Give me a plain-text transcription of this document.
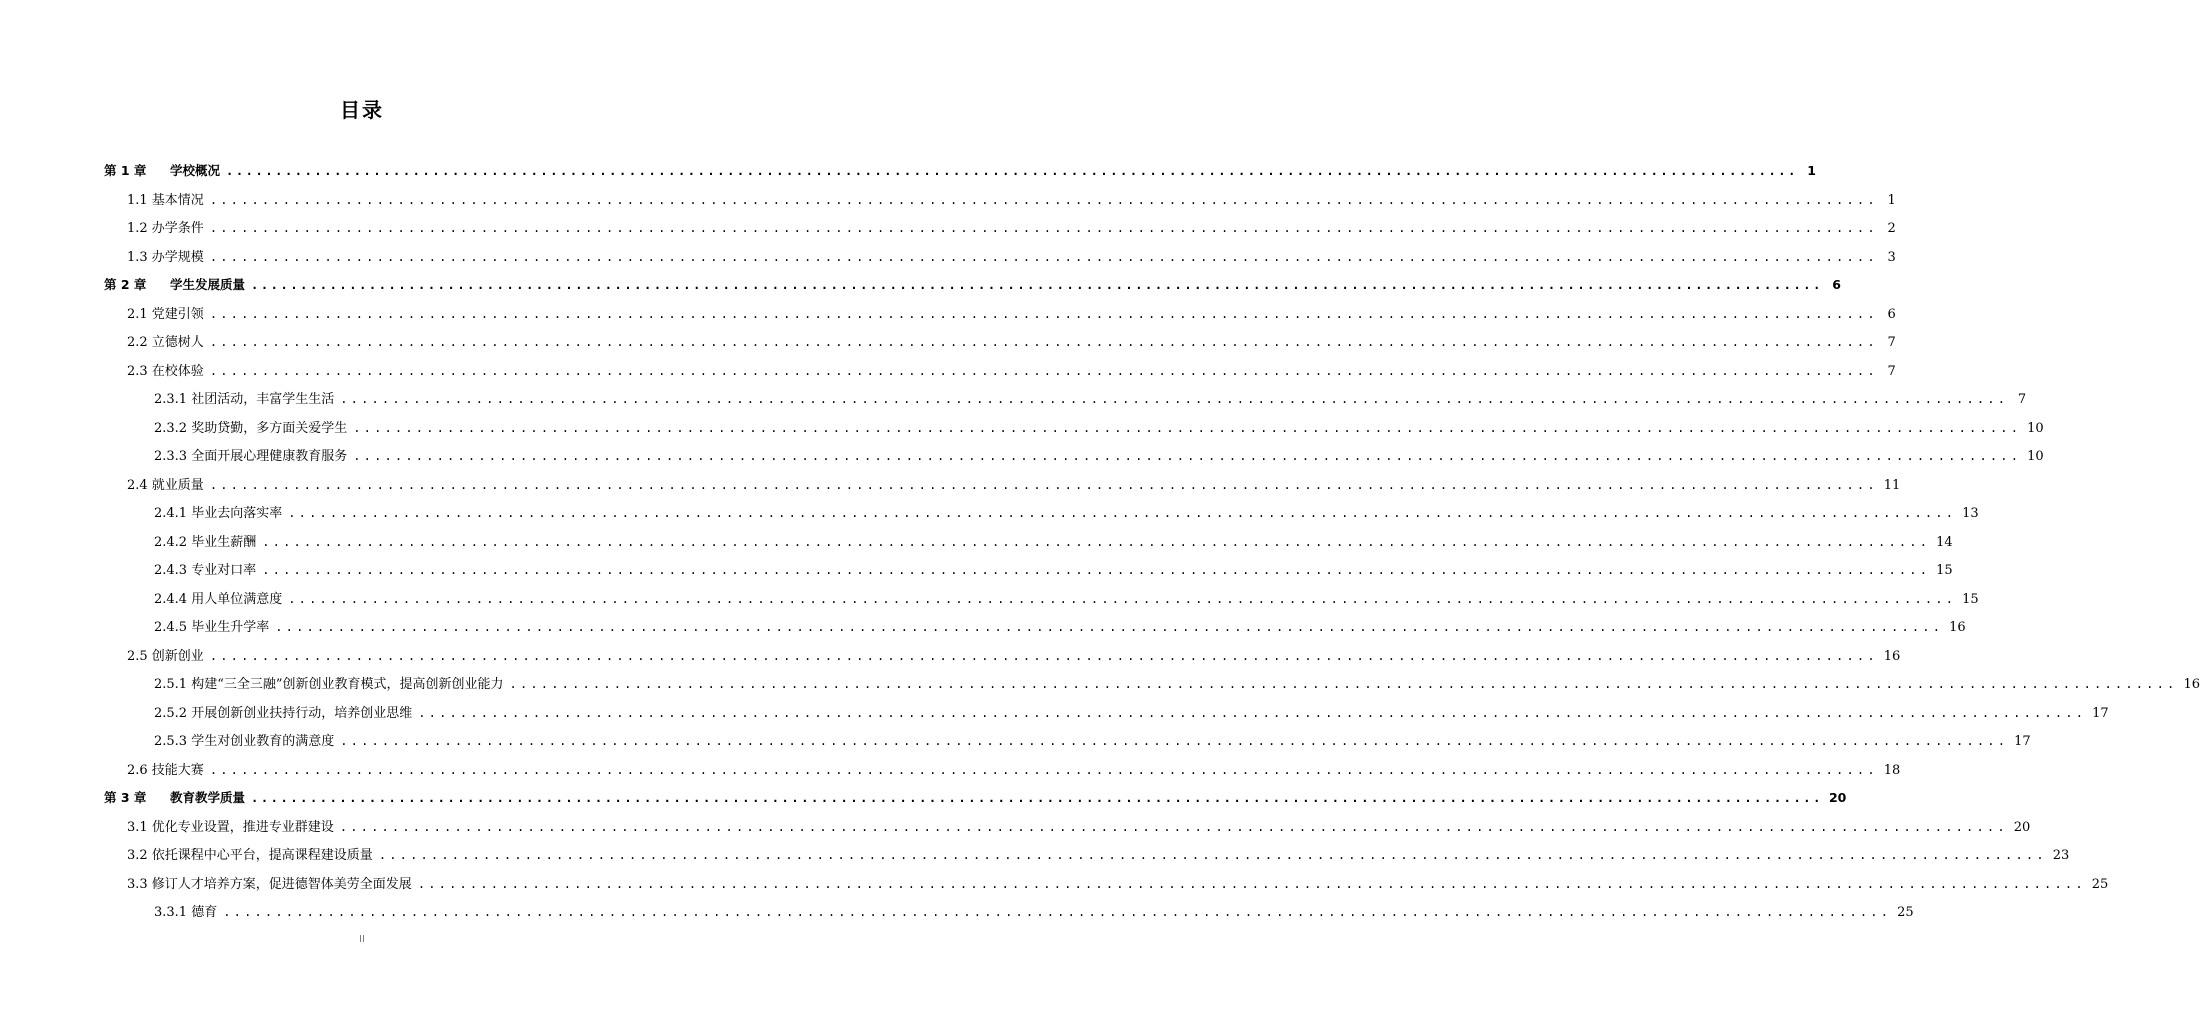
目录
第 1 章	学校概况 ................................................................................................................................................................ 1
1.1 基本情况 ................................................................................................................................................................ 1
1.2 办学条件 ................................................................................................................................................................ 2
1.3 办学规模 ................................................................................................................................................................ 3
第 2 章	学生发展质量 ................................................................................................................................................................ 6
2.1 党建引领 ................................................................................................................................................................ 6
2.2 立德树人 ................................................................................................................................................................ 7
2.3 在校体验 ................................................................................................................................................................ 7
2.3.1 社团活动，丰富学生生活 ................................................................................................................................................................ 7
2.3.2 奖助贷勤，多方面关爱学生 ................................................................................................................................................................ 10
2.3.3 全面开展心理健康教育服务 ................................................................................................................................................................ 10
2.4 就业质量 ................................................................................................................................................................ 11
2.4.1 毕业去向落实率 ................................................................................................................................................................ 13
2.4.2 毕业生薪酬 ................................................................................................................................................................ 14
2.4.3 专业对口率 ................................................................................................................................................................ 15
2.4.4 用人单位满意度 ................................................................................................................................................................ 15
2.4.5 毕业生升学率 ................................................................................................................................................................ 16
2.5 创新创业 ................................................................................................................................................................ 16
2.5.1 构建“三全三融”创新创业教育模式，提高创新创业能力 ................................................................................................................................................................ 16
2.5.2 开展创新创业扶持行动，培养创业思维 ................................................................................................................................................................ 17
2.5.3 学生对创业教育的满意度 ................................................................................................................................................................ 17
2.6 技能大赛 ................................................................................................................................................................ 18
第 3 章	教育教学质量 ................................................................................................................................................................ 20
3.1 优化专业设置，推进专业群建设 ................................................................................................................................................................ 20
3.2 依托课程中心平台，提高课程建设质量 ................................................................................................................................................................ 23
3.3 修订人才培养方案，促进德智体美劳全面发展 ................................................................................................................................................................ 25
3.3.1 德育 ................................................................................................................................................................ 25
II
